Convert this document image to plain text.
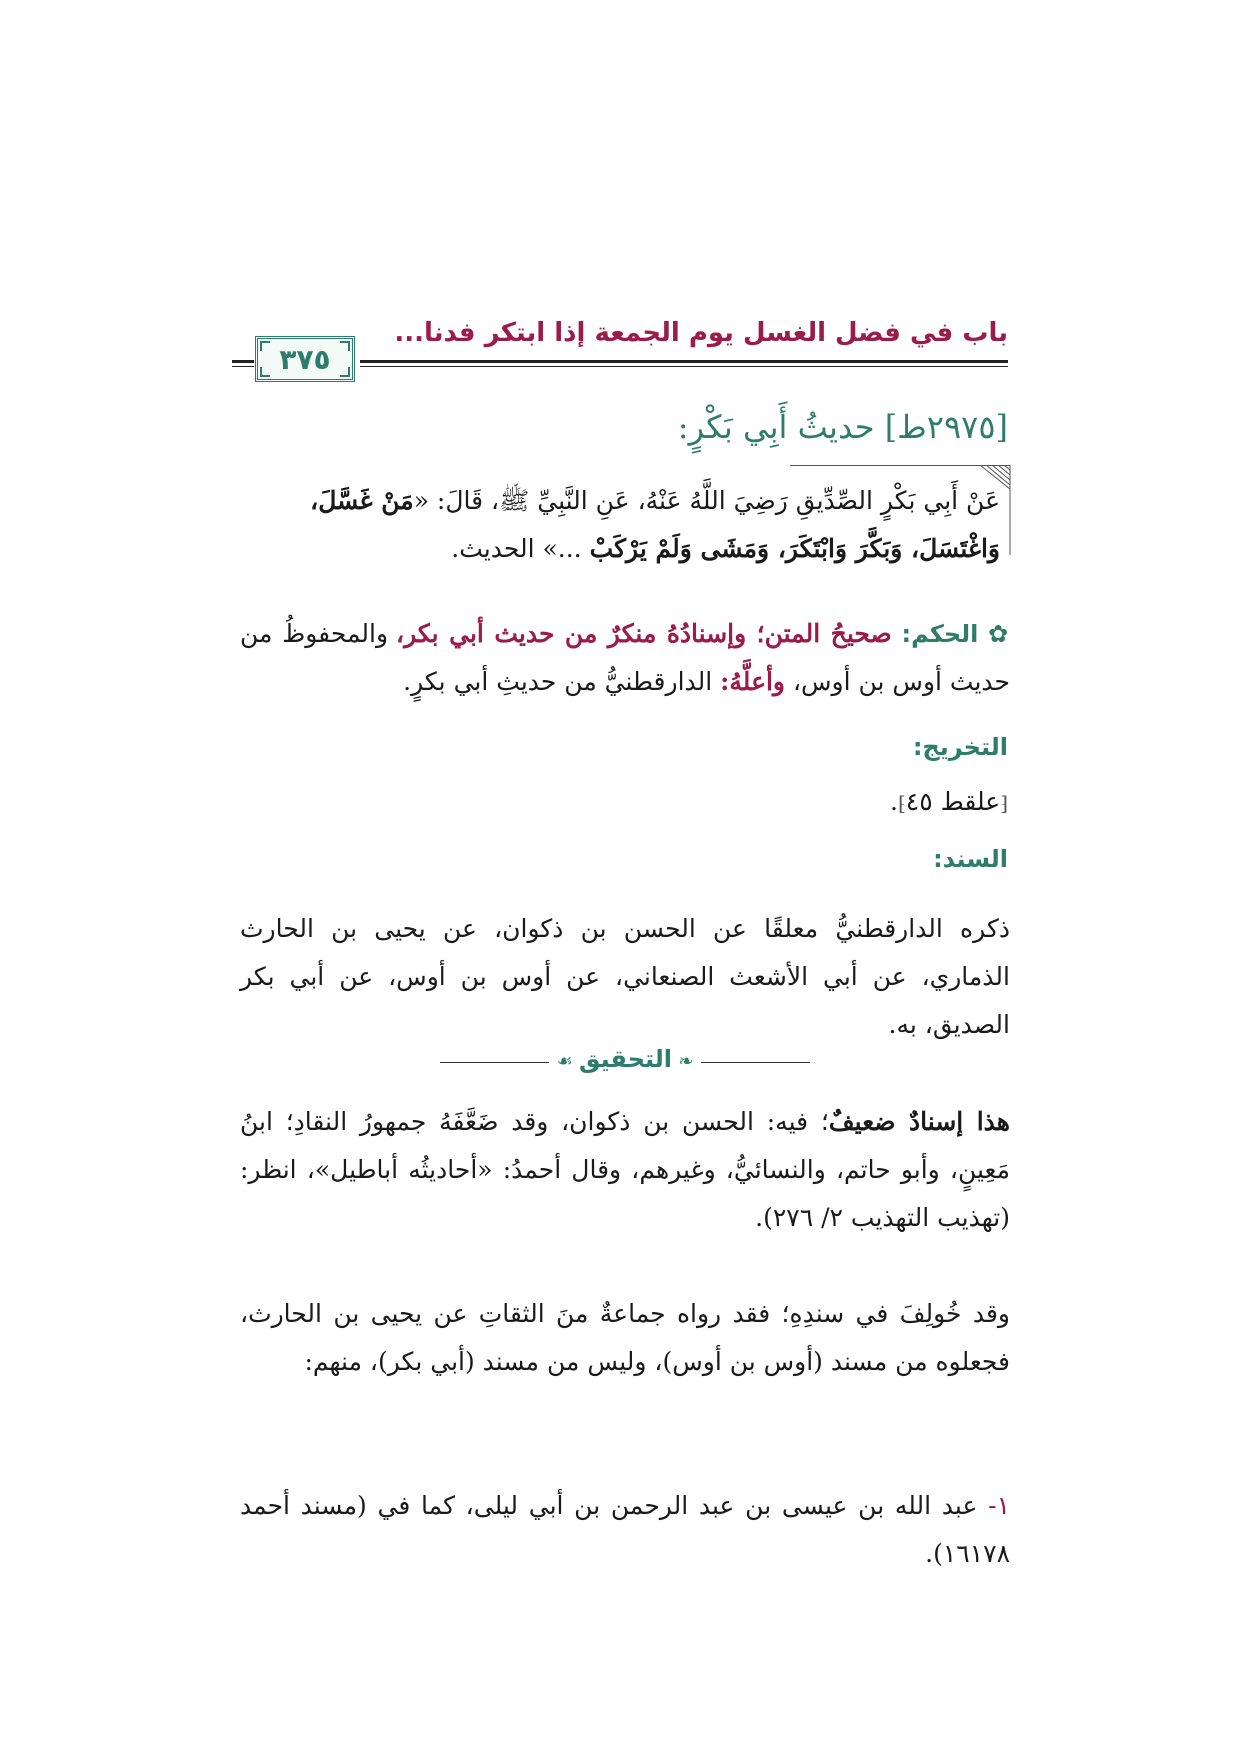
باب في فضل الغسل يوم الجمعة إذا ابتكر فدنا...
٣٧٥
[٢٩٧٥ط] حديثُ أَبِي بَكْرٍ:
عَنْ أَبِي بَكْرٍ الصِّدِّيقِ رَضِيَ اللَّهُ عَنْهُ، عَنِ النَّبِيِّ ﷺ، قَالَ: «مَنْ غَسَّلَ، وَاغْتَسَلَ، وَبَكَّرَ وَابْتَكَرَ، وَمَشَى وَلَمْ يَرْكَبْ ...» الحديث.
✿ الحكم: صحيحُ المتن؛ وإسنادُهُ منكرٌ من حديث أبي بكر، والمحفوظُ من حديث أوس بن أوس، وأعلَّهُ: الدارقطنيُّ من حديثِ أبي بكرٍ.
التخريج:
⁅علقط ٤٥⁆.
السند:
ذكره الدارقطنيُّ معلقًا عن الحسن بن ذكوان، عن يحيى بن الحارث الذماري، عن أبي الأشعث الصنعاني، عن أوس بن أوس، عن أبي بكر الصديق، به.
❧ التحقيق ☙
هذا إسنادٌ ضعيفٌ؛ فيه: الحسن بن ذكوان، وقد ضَعَّفَهُ جمهورُ النقادِ؛ ابنُ مَعِينٍ، وأبو حاتم، والنسائيُّ، وغيرهم، وقال أحمدُ: «أحاديثُه أباطيل»، انظر: (تهذيب التهذيب ٢/ ٢٧٦).
وقد خُولِفَ في سندِهِ؛ فقد رواه جماعةٌ منَ الثقاتِ عن يحيى بن الحارث، فجعلوه من مسند (أوس بن أوس)، وليس من مسند (أبي بكر)، منهم:
١- عبد الله بن عيسى بن عبد الرحمن بن أبي ليلى، كما في (مسند أحمد ١٦١٧٨).
